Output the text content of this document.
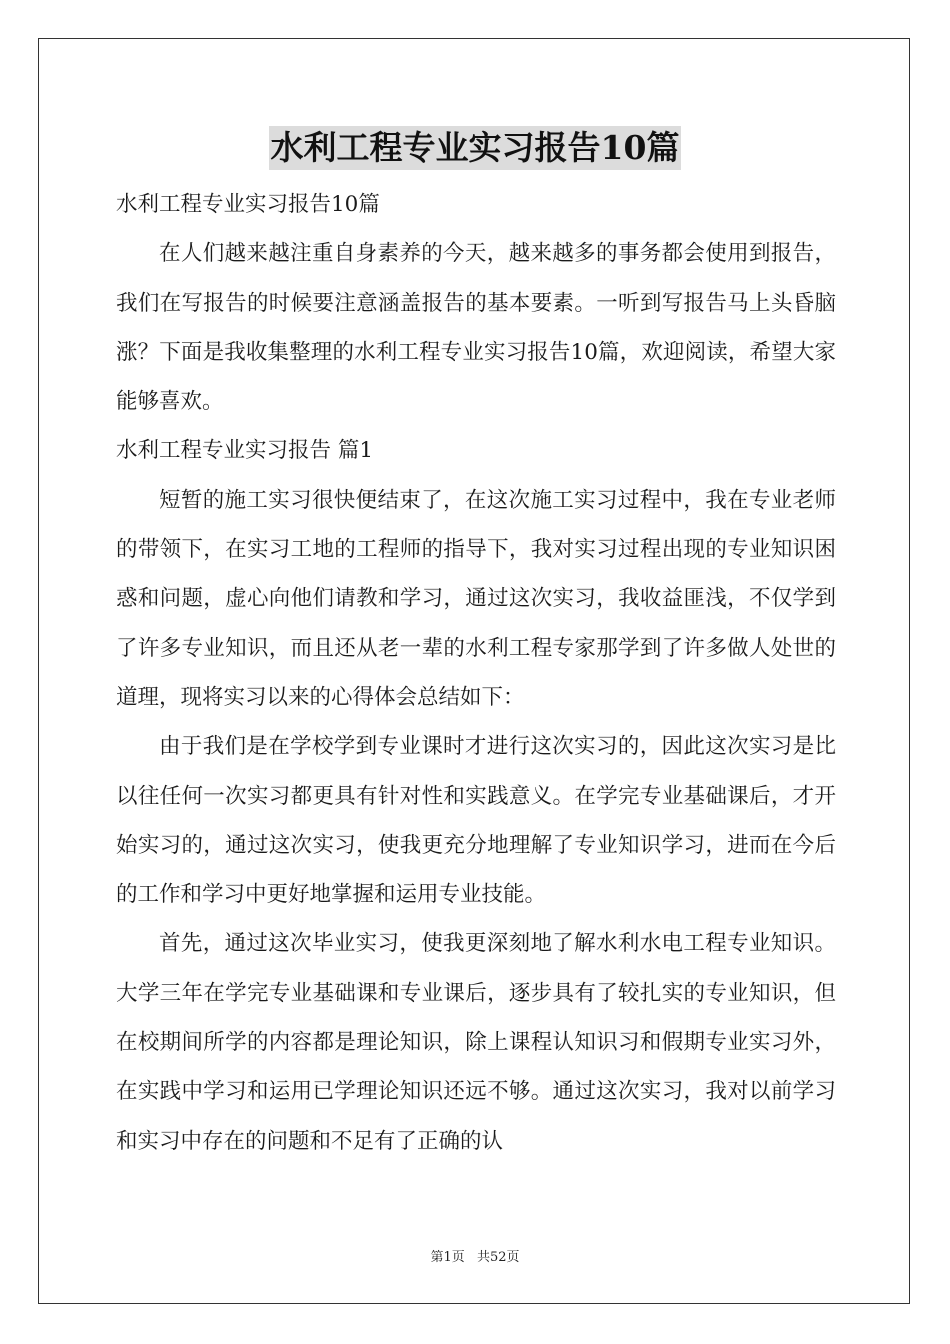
水利工程专业实习报告10篇

水利工程专业实习报告10篇

在人们越来越注重自身素养的今天，越来越多的事务都会使用到报告，我们在写报告的时候要注意涵盖报告的基本要素。一听到写报告马上头昏脑涨？下面是我收集整理的水利工程专业实习报告10篇，欢迎阅读，希望大家能够喜欢。

水利工程专业实习报告 篇1

短暂的施工实习很快便结束了，在这次施工实习过程中，我在专业老师的带领下，在实习工地的工程师的指导下，我对实习过程出现的专业知识困惑和问题，虚心向他们请教和学习，通过这次实习，我收益匪浅，不仅学到了许多专业知识，而且还从老一辈的水利工程专家那学到了许多做人处世的道理，现将实习以来的心得体会总结如下：

由于我们是在学校学到专业课时才进行这次实习的，因此这次实习是比以往任何一次实习都更具有针对性和实践意义。在学完专业基础课后，才开始实习的，通过这次实习，使我更充分地理解了专业知识学习，进而在今后的工作和学习中更好地掌握和运用专业技能。

首先，通过这次毕业实习，使我更深刻地了解水利水电工程专业知识。大学三年在学完专业基础课和专业课后，逐步具有了较扎实的专业知识，但在校期间所学的内容都是理论知识，除上课程认知识习和假期专业实习外，在实践中学习和运用已学理论知识还远不够。通过这次实习，我对以前学习和实习中存在的问题和不足有了正确的认

第1页 共52页
